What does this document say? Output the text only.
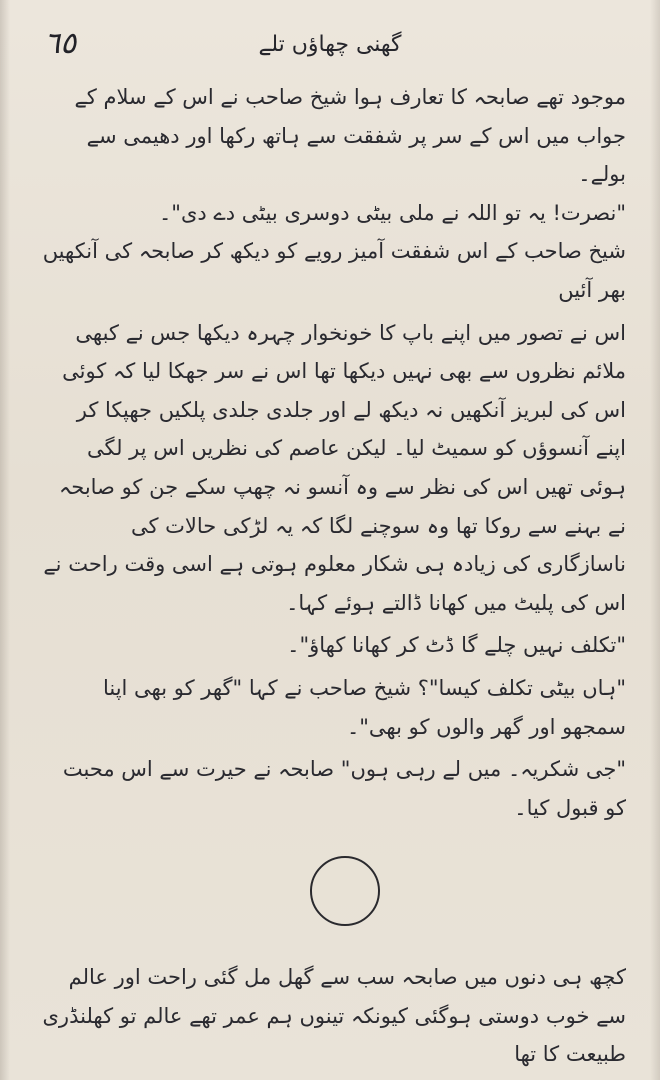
٦٥	گھنی چھاؤں تلے

موجود تھے صابحہ کا تعارف ہوا شیخ صاحب نے اس کے سلام کے جواب میں اس کے سر پر شفقت سے ہاتھ رکھا اور دھیمی سے بولے۔

"نصرت! یہ تو اللہ نے ملی بیٹی دوسری بیٹی دے دی"۔

شیخ صاحب کے اس شفقت آمیز رویے کو دیکھ کر صابحہ کی آنکھیں بھر آئیں

اس نے تصور میں اپنے باپ کا خونخوار چہرہ دیکھا جس نے کبھی ملائم نظروں سے بھی نہیں دیکھا تھا اس نے سر جھکا لیا کہ کوئی اس کی لبریز آنکھیں نہ دیکھ لے اور جلدی جلدی پلکیں جھپکا کر اپنے آنسوؤں کو سمیٹ لیا۔ لیکن عاصم کی نظریں اس پر لگی ہوئی تھیں اس کی نظر سے وہ آنسو نہ چھپ سکے جن کو صابحہ نے بہنے سے روکا تھا وہ سوچنے لگا کہ یہ لڑکی حالات کی ناسازگاری کی زیادہ ہی شکار معلوم ہوتی ہے اسی وقت راحت نے اس کی پلیٹ میں کھانا ڈالتے ہوئے کہا۔

"تکلف نہیں چلے گا ڈٹ کر کھانا کھاؤ"۔

"ہاں بیٹی تکلف کیسا"؟ شیخ صاحب نے کہا "گھر کو بھی اپنا سمجھو اور گھر والوں کو بھی"۔

"جی شکریہ۔ میں لے رہی ہوں" صابحہ نے حیرت سے اس محبت کو قبول کیا۔

کچھ ہی دنوں میں صابحہ سب سے گھل مل گئی راحت اور عالم سے خوب دوستی ہوگئی کیونکہ تینوں ہم عمر تھے عالم تو کھلنڈری طبیعت کا تھا
